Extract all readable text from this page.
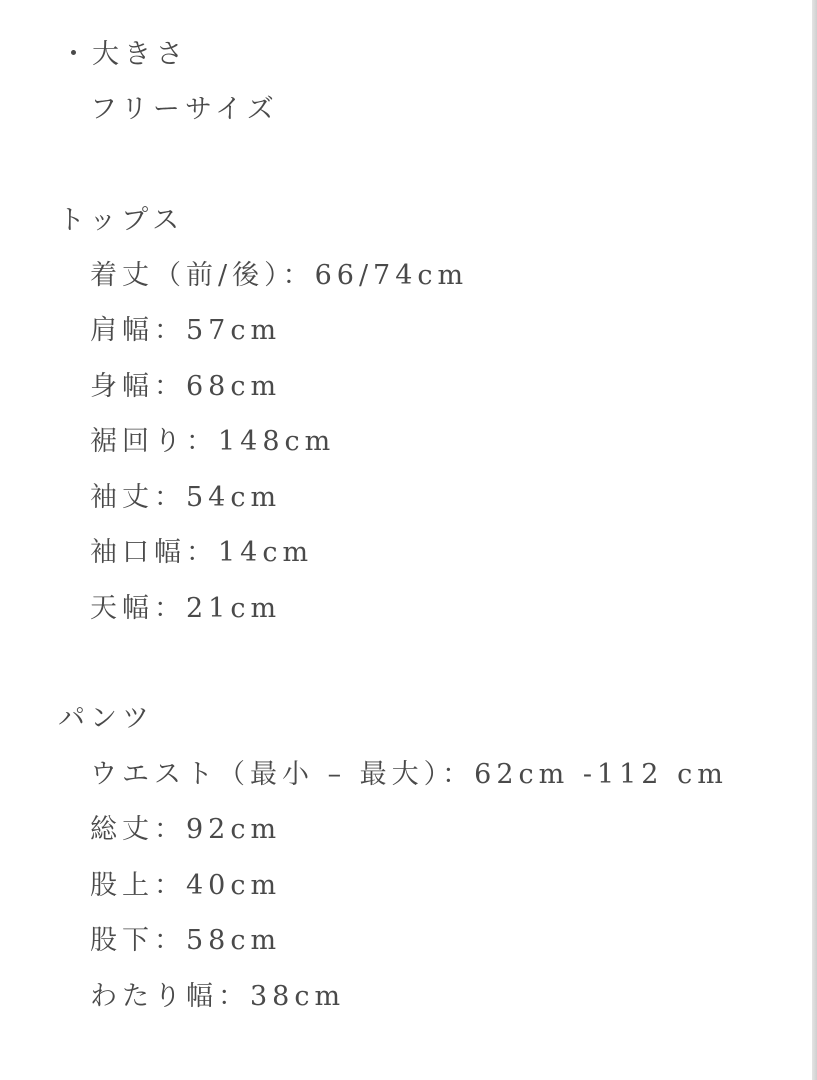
・大きさ
フリーサイズ
トップス
着丈（前/後）：66/74cm
肩幅：57cm
身幅：68cm
裾回り：148cm
袖丈：54cm
袖口幅：14cm
天幅：21cm
パンツ
ウエスト（最小 – 最大）：62cm -112 cm
総丈：92cm
股上：40cm
股下：58cm
わたり幅：38cm
